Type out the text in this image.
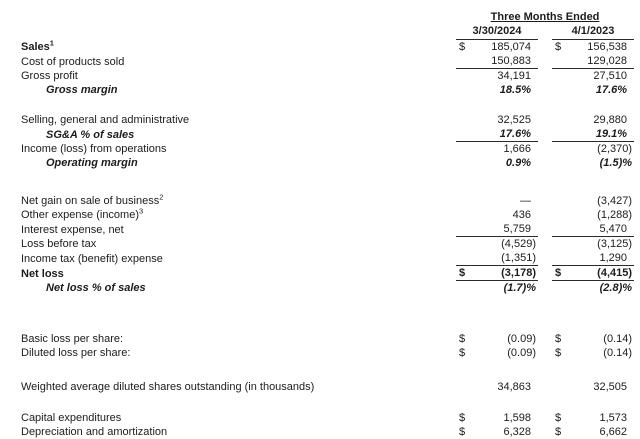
	Three Months Ended		
	3/30/2024		4/1/2023
Sales$^1$	$ 185,074		$ 156,538

Cost of products sold	150,883		129,028

Gross profit	34,191		27,510

Gross margin	18.5%		17.6%

Selling, general and administrative	32,525		29,880

SG&A % of sales	17.6%		19.1%

Income (loss) from operations	1,666		(2,370)

Operating margin	0.9%		(1.5)%

Net gain on sale of business$^2$	—		(3,427)

Other expense (income)$^3$	436		(1,288)

Interest expense, net	5,759		5,470

Loss before tax	(4,529)		(3,125)

Income tax (benefit) expense	(1,351)		1,290

Net loss	$ (3,178)		$ (4,415)

Net loss % of sales	(1.7)%		(2.8)%

Basic loss per share:	$ (0.09)		$ (0.14)

Diluted loss per share:	$ (0.09)		$ (0.14)

Weighted average diluted shares outstanding (in thousands)	34,863		32,505

Capital expenditures	$ 1,598		$ 1,573

Depreciation and amortization	$ 6,328		$ 6,662
